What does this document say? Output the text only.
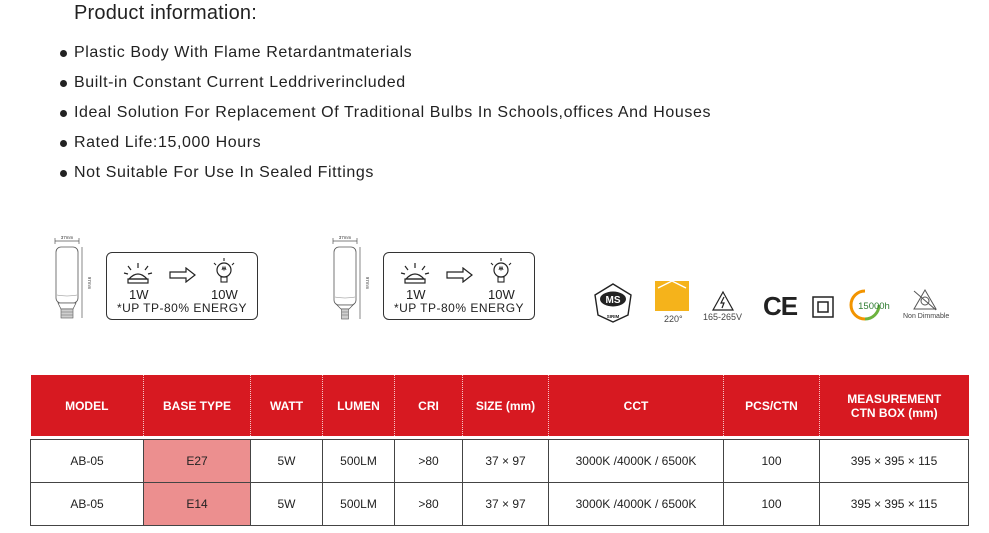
Product information:
Plastic Body With Flame Retardantmaterials
Built-in Constant Current Leddriverincluded
Ideal Solution For Replacement Of Traditional Bulbs In Schools,offices And Houses
Rated Life:15,000 Hours
Not Suitable For Use In Sealed Fittings
37mm
97mm
1W	10W
*UP TP-80% ENERGY
37mm
97mm
1W	10W
*UP TP-80% ENERGY
MS
SIRIM	220° 165-265V CE	15000h
Non Dimmable
MODEL	BASE TYPE	WATT	LUMEN	CRI	SIZE (mm)	CCT	PCS/CTN	MEASUREMENT
CTN BOX (mm)

AB-05	E27	5W	500LM	>80	37 × 97	3000K /4000K / 6500K	100	395 × 395 × 115
AB-05	E14	5W	500LM	>80	37 × 97	3000K /4000K / 6500K	100	395 × 395 × 115
